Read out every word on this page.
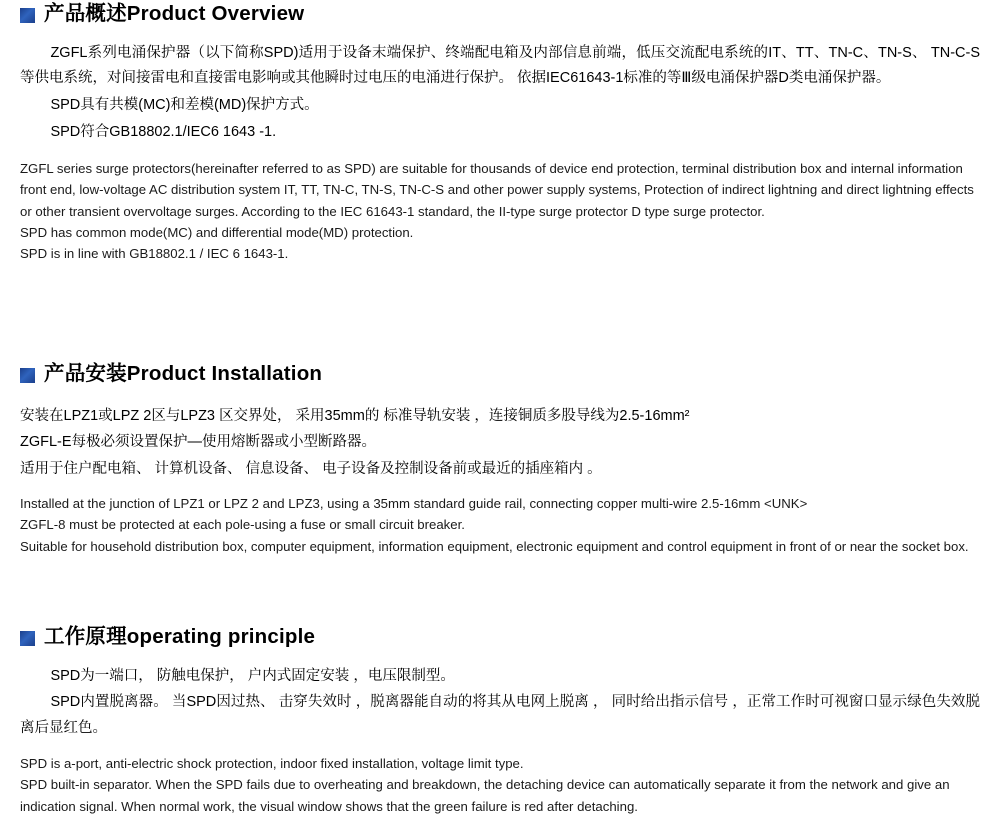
产品概述Product Overview

ZGFL系列电涌保护器（以下简称SPD)适用于设备末端保护、终端配电箱及内部信息前端，低压交流配电系统的IT、TT、TN-C、TN-S、 TN-C-S等供电系统，对间接雷电和直接雷电影响或其他瞬时过电压的电涌进行保护。 依据IEC61643-1标准的等Ⅲ级电涌保护器D类电涌保护器。

SPD具有共模(MC)和差模(MD)保护方式。

SPD符合GB18802.1/IEC6 1643 -1.

ZGFL series surge protectors(hereinafter referred to as SPD) are suitable for thousands of device end protection, terminal distribution box and internal information front end, low-voltage AC distribution system IT, TT, TN-C, TN-S, TN-C-S and other power supply systems, Protection of indirect lightning and direct lightning effects or other transient overvoltage surges. According to the IEC 61643-1 standard, the II-type surge protector D type surge protector.

SPD has common mode(MC) and differential mode(MD) protection.

SPD is in line with GB18802.1 / IEC 6 1643-1.

产品安装Product Installation

安装在LPZ1或LPZ 2区与LPZ3 区交界处， 采用35mm的 标准导轨安装 ，连接铜质多股导线为2.5-16mm²

ZGFL-E每极必须设置保护—使用熔断器或小型断路器。

适用于住户配电箱、 计算机设备、 信息设备、 电子设备及控制设备前或最近的插座箱内 。

Installed at the junction of LPZ1 or LPZ 2 and LPZ3, using a 35mm standard guide rail, connecting copper multi-wire 2.5-16mm <UNK>

ZGFL-8 must be protected at each pole-using a fuse or small circuit breaker.

Suitable for household distribution box, computer equipment, information equipment, electronic equipment and control equipment in front of or near the socket box.

工作原理operating principle

SPD为一端口， 防触电保护， 户内式固定安装 ，电压限制型。

SPD内置脱离器。 当SPD因过热、 击穿失效时 ，脱离器能自动的将其从电网上脱离 ， 同时给出指示信号 ，正常工作时可视窗口显示绿色失效脱离后显红色。

SPD is a-port, anti-electric shock protection, indoor fixed installation, voltage limit type.

SPD built-in separator. When the SPD fails due to overheating and breakdown, the detaching device can automatically separate it from the network and give an indication signal. When normal work, the visual window shows that the green failure is red after detaching.
